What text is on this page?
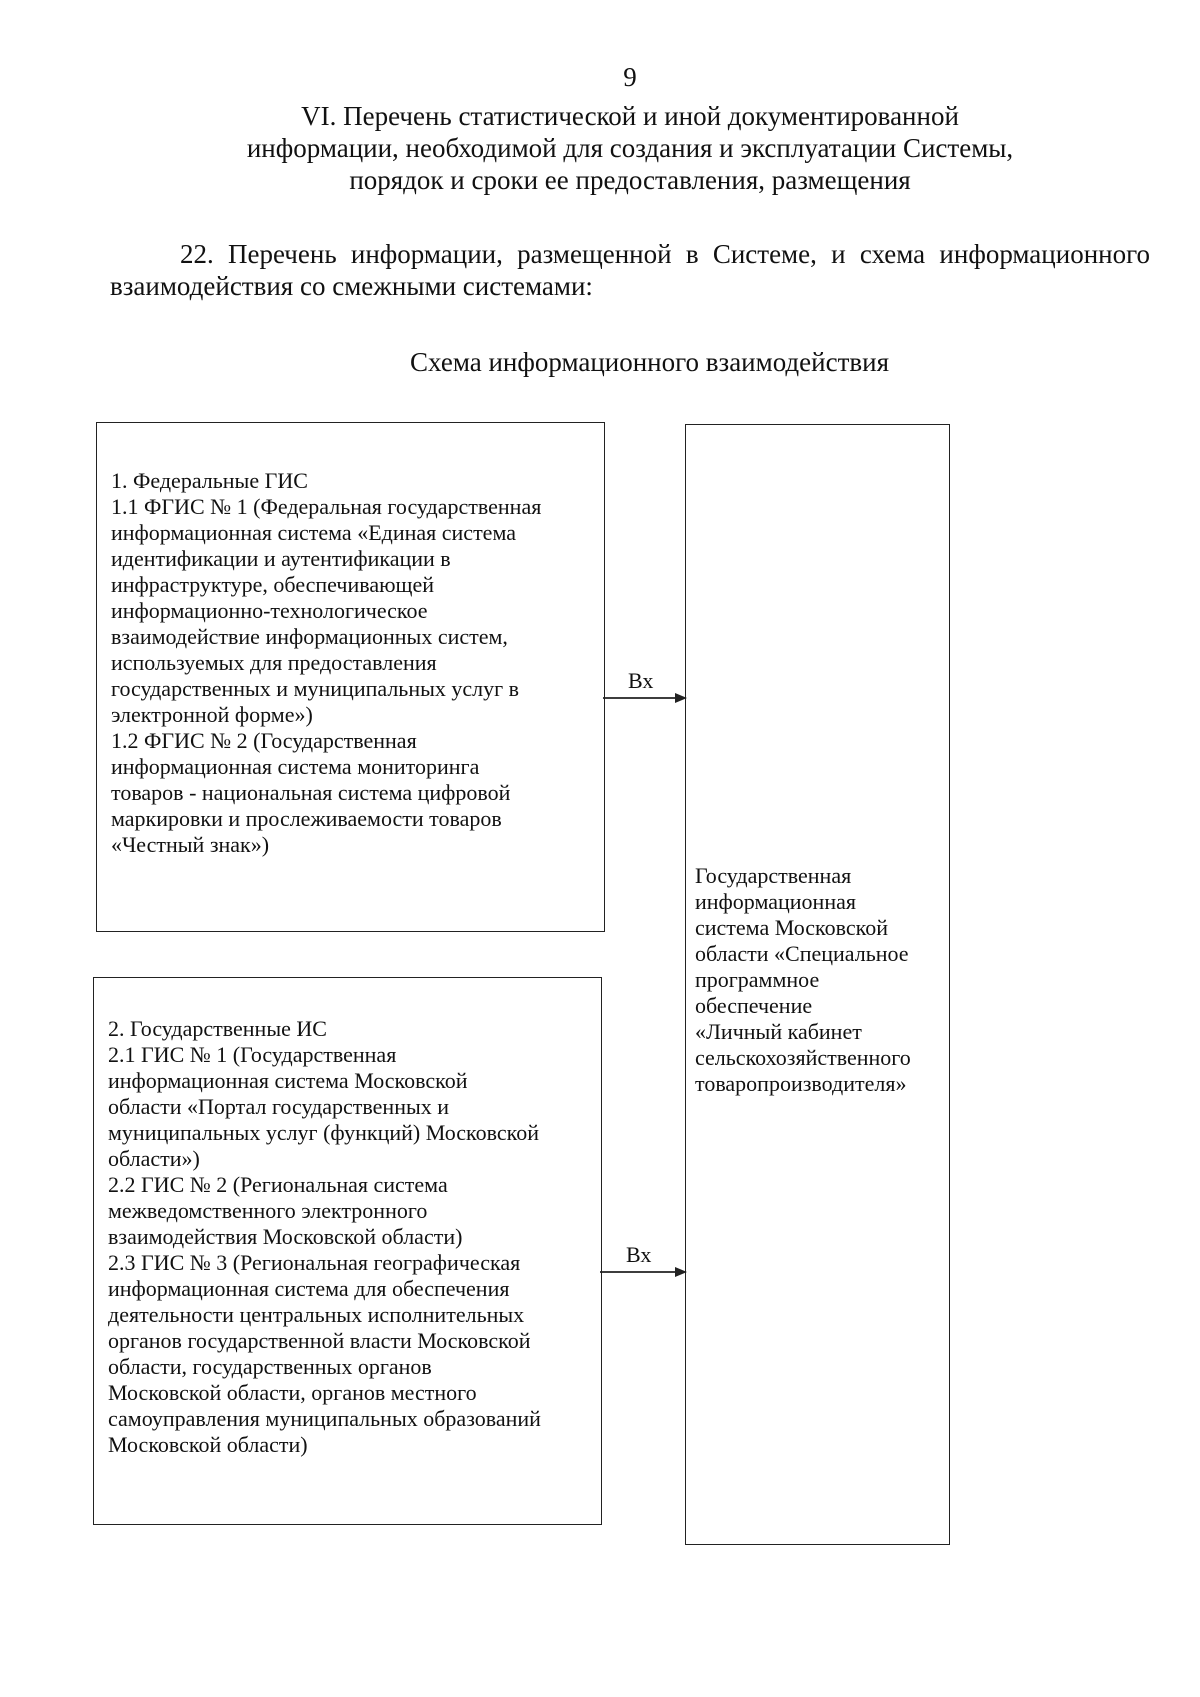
9
VI. Перечень статистической и иной документированной
информации, необходимой для создания и эксплуатации Системы,
порядок и сроки ее предоставления, размещения
22. Перечень информации, размещенной в Системе, и схема информационного
взаимодействия со смежными системами:
Схема информационного взаимодействия
1. Федеральные ГИС
1.1 ФГИС № 1 (Федеральная государственная
информационная система «Единая система
идентификации и аутентификации в
инфраструктуре, обеспечивающей
информационно-технологическое
взаимодействие информационных систем,
используемых для предоставления
государственных и муниципальных услуг в
электронной форме»)
1.2 ФГИС № 2 (Государственная
информационная система мониторинга
товаров - национальная система цифровой
маркировки и прослеживаемости товаров
«Честный знак»)
2. Государственные ИС
2.1 ГИС № 1 (Государственная
информационная система Московской
области «Портал государственных и
муниципальных услуг (функций) Московской
области»)
2.2 ГИС № 2 (Региональная система
межведомственного электронного
взаимодействия Московской области)
2.3 ГИС № 3 (Региональная географическая
информационная система для обеспечения
деятельности центральных исполнительных
органов государственной власти Московской
области, государственных органов
Московской области, органов местного
самоуправления муниципальных образований
Московской области)
Государственная
информационная
система Московской
области «Специальное
программное
обеспечение
«Личный кабинет
сельскохозяйственного
товаропроизводителя»
Вх
Вх
